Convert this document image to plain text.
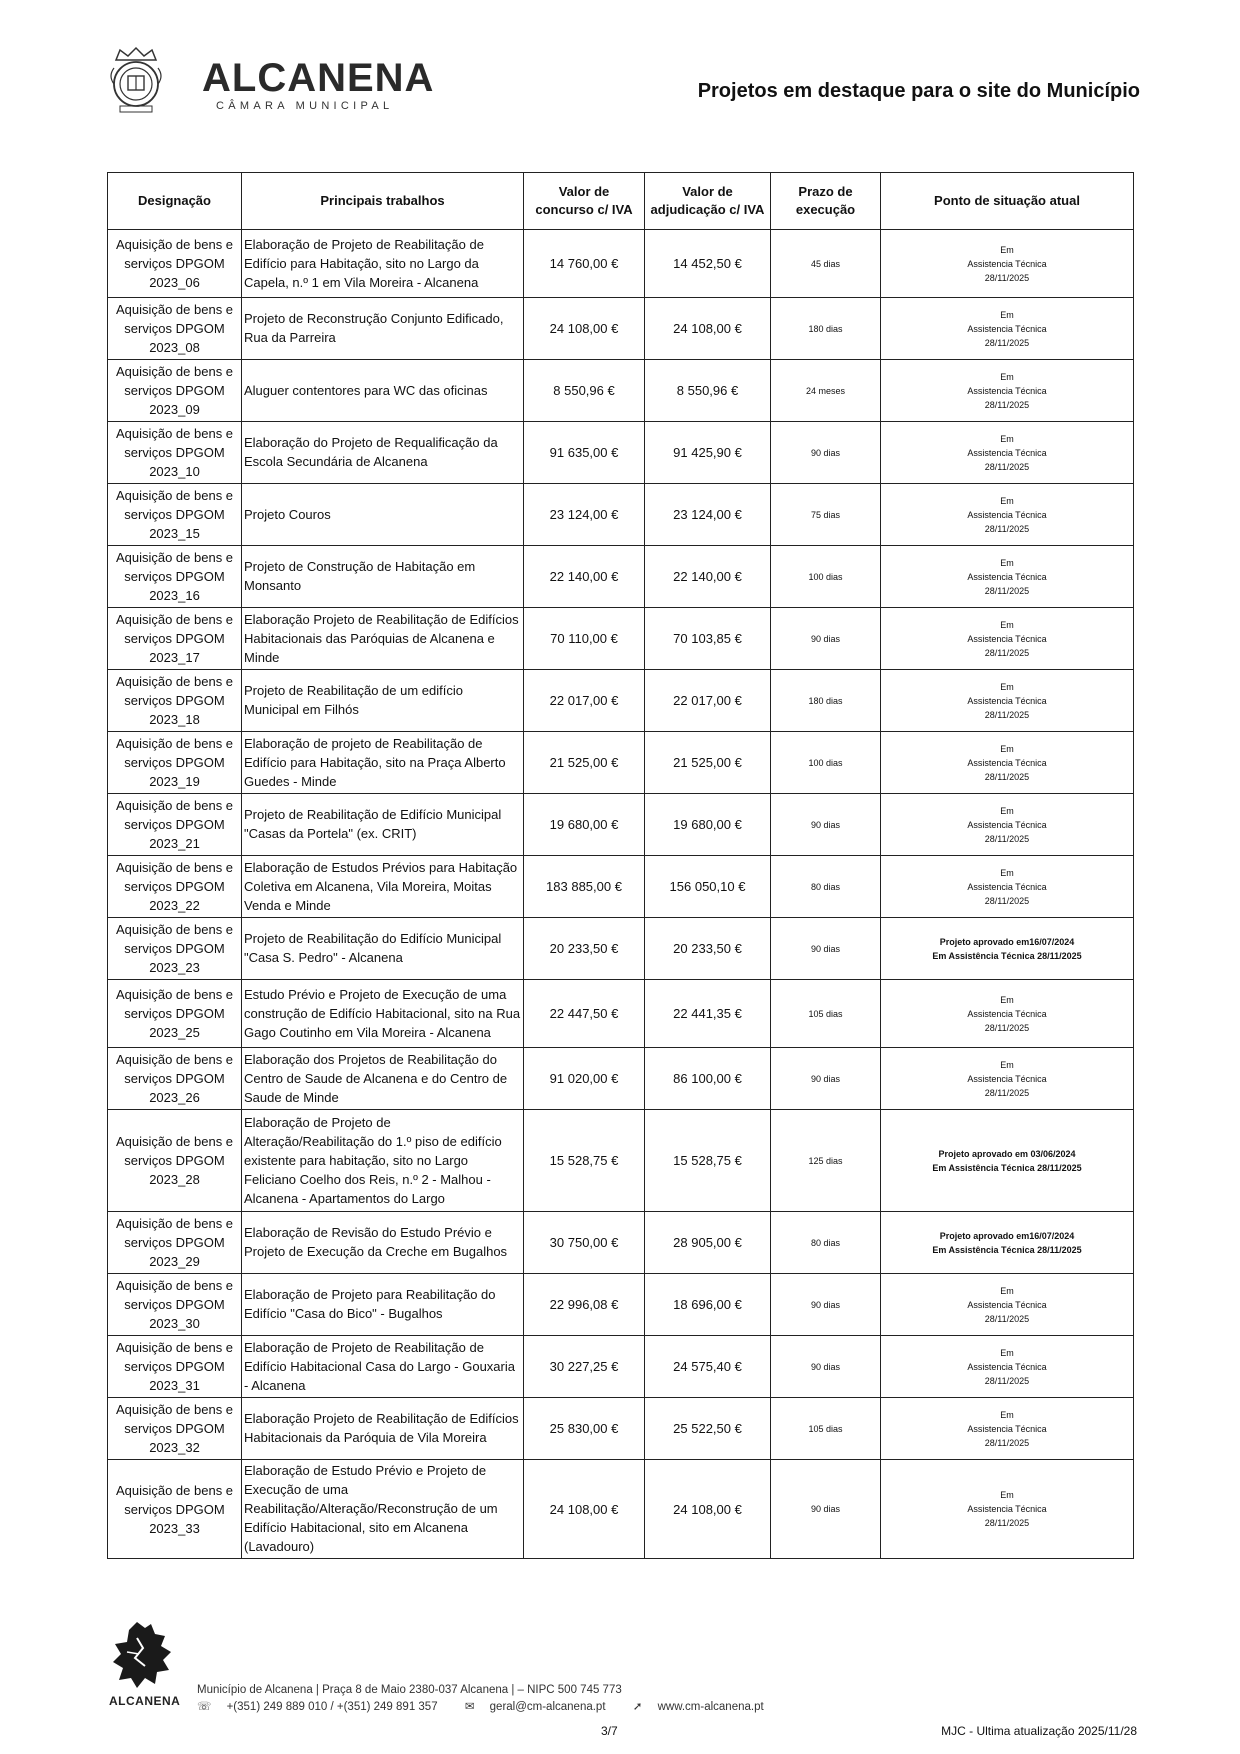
ALCANENA
CÂMARA MUNICIPAL
Projetos em destaque para o site do Município
Designação	Principais trabalhos	Valor de concurso c/ IVA	Valor de adjudicação c/ IVA	Prazo de execução	Ponto de situação atual
Aquisição de bens e serviços DPGOM 2023_06	Elaboração de Projeto de Reabilitação de Edifício para Habitação, sito no Largo da Capela, n.º 1 em Vila Moreira - Alcanena	14 760,00 €	14 452,50 €	45 dias	Em
Assistencia Técnica
28/11/2025

Aquisição de bens e serviços DPGOM 2023_08	Projeto de Reconstrução Conjunto Edificado, Rua da Parreira	24 108,00 €	24 108,00 €	180 dias	Em
Assistencia Técnica
28/11/2025

Aquisição de bens e serviços DPGOM 2023_09	Aluguer contentores para WC das oficinas	8 550,96 €	8 550,96 €	24 meses	Em
Assistencia Técnica
28/11/2025

Aquisição de bens e serviços DPGOM 2023_10	Elaboração do Projeto de Requalificação da Escola Secundária de Alcanena	91 635,00 €	91 425,90 €	90 dias	Em
Assistencia Técnica
28/11/2025

Aquisição de bens e serviços DPGOM 2023_15	Projeto Couros	23 124,00 €	23 124,00 €	75 dias	Em
Assistencia Técnica
28/11/2025

Aquisição de bens e serviços DPGOM 2023_16	Projeto de Construção de Habitação em Monsanto	22 140,00 €	22 140,00 €	100 dias	Em
Assistencia Técnica
28/11/2025

Aquisição de bens e serviços DPGOM 2023_17	Elaboração Projeto de Reabilitação de Edifícios Habitacionais das Paróquias de Alcanena e Minde	70 110,00 €	70 103,85 €	90 dias	Em
Assistencia Técnica
28/11/2025

Aquisição de bens e serviços DPGOM 2023_18	Projeto de Reabilitação de um edifício Municipal em Filhós	22 017,00 €	22 017,00 €	180 dias	Em
Assistencia Técnica
28/11/2025

Aquisição de bens e serviços DPGOM 2023_19	Elaboração de projeto de Reabilitação de Edifício para Habitação, sito na Praça Alberto Guedes - Minde	21 525,00 €	21 525,00 €	100 dias	Em
Assistencia Técnica
28/11/2025

Aquisição de bens e serviços DPGOM 2023_21	Projeto de Reabilitação de Edifício Municipal "Casas da Portela" (ex. CRIT)	19 680,00 €	19 680,00 €	90 dias	Em
Assistencia Técnica
28/11/2025

Aquisição de bens e serviços DPGOM 2023_22	Elaboração de Estudos Prévios para Habitação Coletiva em Alcanena, Vila Moreira, Moitas Venda e Minde	183 885,00 €	156 050,10 €	80 dias	Em
Assistencia Técnica
28/11/2025

Aquisição de bens e serviços DPGOM 2023_23	Projeto de Reabilitação do Edifício Municipal "Casa S. Pedro" - Alcanena	20 233,50 €	20 233,50 €	90 dias	Projeto aprovado em16/07/2024
Em Assistência Técnica 28/11/2025

Aquisição de bens e serviços DPGOM 2023_25	Estudo Prévio e Projeto de Execução de uma construção de Edifício Habitacional, sito na Rua Gago Coutinho em Vila Moreira - Alcanena	22 447,50 €	22 441,35 €	105 dias	Em
Assistencia Técnica
28/11/2025

Aquisição de bens e serviços DPGOM 2023_26	Elaboração dos Projetos de Reabilitação do Centro de Saude de Alcanena e do Centro de Saude de Minde	91 020,00 €	86 100,00 €	90 dias	Em
Assistencia Técnica
28/11/2025

Aquisição de bens e serviços DPGOM 2023_28	Elaboração de Projeto de Alteração/Reabilitação do 1.º piso de edifício existente para habitação, sito no Largo Feliciano Coelho dos Reis, n.º 2 - Malhou - Alcanena - Apartamentos do Largo	15 528,75 €	15 528,75 €	125 dias	Projeto aprovado em 03/06/2024
Em Assistência Técnica 28/11/2025

Aquisição de bens e serviços DPGOM 2023_29	Elaboração de Revisão do Estudo Prévio e Projeto de Execução da Creche em Bugalhos	30 750,00 €	28 905,00 €	80 dias	Projeto aprovado em16/07/2024
Em Assistência Técnica 28/11/2025

Aquisição de bens e serviços DPGOM 2023_30	Elaboração de Projeto para Reabilitação do Edifício "Casa do Bico" - Bugalhos	22 996,08 €	18 696,00 €	90 dias	Em
Assistencia Técnica
28/11/2025

Aquisição de bens e serviços DPGOM 2023_31	Elaboração de Projeto de Reabilitação de Edifício Habitacional Casa do Largo - Gouxaria - Alcanena	30 227,25 €	24 575,40 €	90 dias	Em
Assistencia Técnica
28/11/2025

Aquisição de bens e serviços DPGOM 2023_32	Elaboração Projeto de Reabilitação de Edifícios Habitacionais da Paróquia de Vila Moreira	25 830,00 €	25 522,50 €	105 dias	Em
Assistencia Técnica
28/11/2025

Aquisição de bens e serviços DPGOM 2023_33	Elaboração de Estudo Prévio e Projeto de Execução de uma Reabilitação/Alteração/Reconstrução de um Edifício Habitacional, sito em Alcanena (Lavadouro)	24 108,00 €	24 108,00 €	90 dias	Em
Assistencia Técnica
28/11/2025
ALCANENA
Município de Alcanena | Praça 8 de Maio 2380-037 Alcanena | – NIPC 500 745 773
☏ +(351) 249 889 010 / +(351) 249 891 357 ✉ geral@cm-alcanena.pt ➚ www.cm-alcanena.pt
3/7	MJC - Ultima atualização 2025/11/28
